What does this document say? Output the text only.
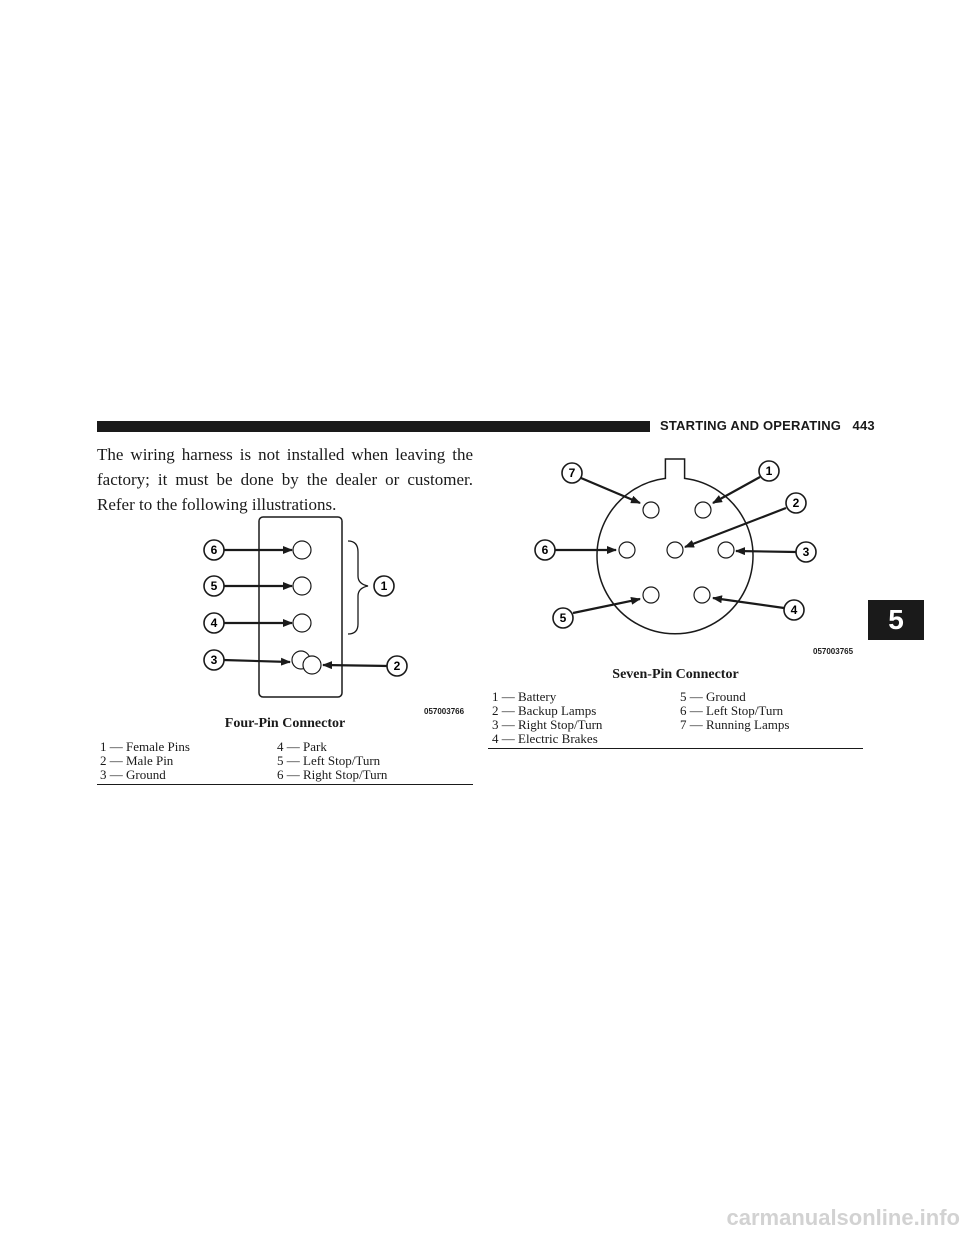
STARTING AND OPERATING 443
The wiring harness is not installed when leaving the factory; it must be done by the dealer or customer. Refer to the following illustrations.
6
5
4
3
1
2
057003766
Four-Pin Connector
1 — Female Pins
2 — Male Pin
3 — Ground
4 — Park
5 — Left Stop/Turn
6 — Right Stop/Turn
7	1
2
6	3
5
4
057003765
Seven-Pin Connector
1 — Battery
2 — Backup Lamps
3 — Right Stop/Turn
4 — Electric Brakes
5 — Ground
6 — Left Stop/Turn
7 — Running Lamps
5
carmanualsonline.info
